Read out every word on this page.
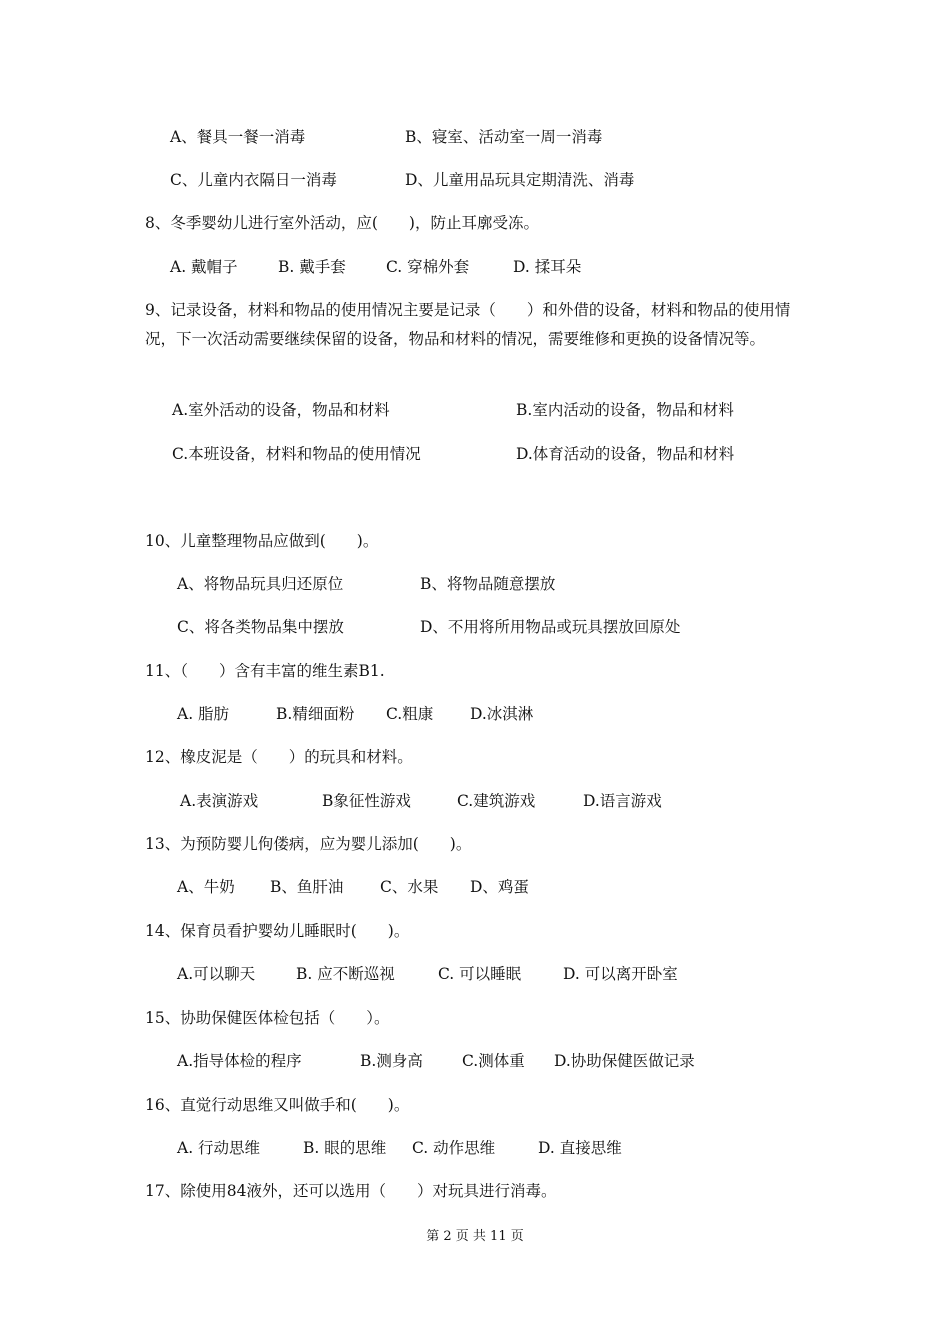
A、餐具一餐一消毒	B、寝室、活动室一周一消毒
C、儿童内衣隔日一消毒	D、儿童用品玩具定期清洗、消毒
8、冬季婴幼儿进行室外活动，应(　　)，防止耳廓受冻。
A. 戴帽子	B. 戴手套	C. 穿棉外套	D. 揉耳朵
9、记录设备，材料和物品的使用情况主要是记录（　　）和外借的设备，材料和物品的使用情况，下一次活动需要继续保留的设备，物品和材料的情况，需要维修和更换的设备情况等。
A.室外活动的设备，物品和材料	B.室内活动的设备，物品和材料
C.本班设备，材料和物品的使用情况	D.体育活动的设备，物品和材料
10、儿童整理物品应做到(　　)。
A、将物品玩具归还原位	B、将物品随意摆放
C、将各类物品集中摆放	D、不用将所用物品或玩具摆放回原处
11、（　　）含有丰富的维生素B1.
A. 脂肪	B.精细面粉 C.粗康 D.冰淇淋
12、橡皮泥是（　　）的玩具和材料。
A.表演游戏	B象征性游戏	C.建筑游戏	D.语言游戏
13、为预防婴儿佝偻病，应为婴儿添加(　　)。
A、牛奶 B、鱼肝油 C、水果 D、鸡蛋
14、保育员看护婴幼儿睡眠时(　　)。
A.可以聊天	B. 应不断巡视	C. 可以睡眠	D. 可以离开卧室
15、协助保健医体检包括（　　）。
A.指导体检的程序	B.测身高	C.测体重 D.协助保健医做记录
16、直觉行动思维又叫做手和(　　)。
A. 行动思维	B. 眼的思维 C. 动作思维	D. 直接思维
17、除使用84液外，还可以选用（　　）对玩具进行消毒。
第 2 页 共 11 页
